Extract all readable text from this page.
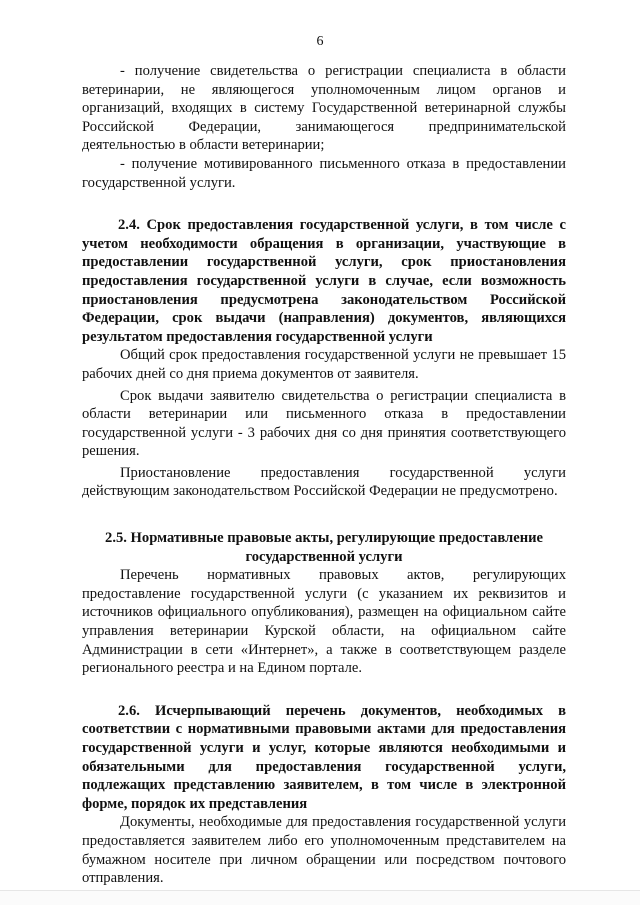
6

- получение свидетельства о регистрации специалиста в области ветеринарии, не являющегося уполномоченным лицом органов и организаций, входящих в систему Государственной ветеринарной службы Российской Федерации, занимающегося предпринимательской деятельностью в области ветеринарии;

- получение мотивированного письменного отказа в предоставлении государственной услуги.

2.4. Срок предоставления государственной услуги, в том числе с учетом необходимости обращения в организации, участвующие в предоставлении государственной услуги, срок приостановления предоставления государственной услуги в случае, если возможность приостановления предусмотрена законодательством Российской Федерации, срок выдачи (направления) документов, являющихся результатом предоставления государственной услуги

Общий срок предоставления государственной услуги не превышает 15 рабочих дней со дня приема документов от заявителя.

Срок выдачи заявителю свидетельства о регистрации специалиста в области ветеринарии или письменного отказа в предоставлении государственной услуги - 3 рабочих дня со дня принятия соответствующего решения.

Приостановление предоставления государственной услуги действующим законодательством Российской Федерации не предусмотрено.

2.5. Нормативные правовые акты, регулирующие предоставление государственной услуги

Перечень нормативных правовых актов, регулирующих предоставление государственной услуги (с указанием их реквизитов и источников официального опубликования), размещен на официальном сайте управления ветеринарии Курской области, на официальном сайте Администрации в сети «Интернет», а также в соответствующем разделе регионального реестра и на Едином портале.

2.6. Исчерпывающий перечень документов, необходимых в соответствии с нормативными правовыми актами для предоставления государственной услуги и услуг, которые являются необходимыми и обязательными для предоставления государственной услуги, подлежащих представлению заявителем, в том числе в электронной форме, порядок их представления

Документы, необходимые для предоставления государственной услуги предоставляется заявителем либо его уполномоченным представителем на бумажном носителе при личном обращении или посредством почтового отправления.
